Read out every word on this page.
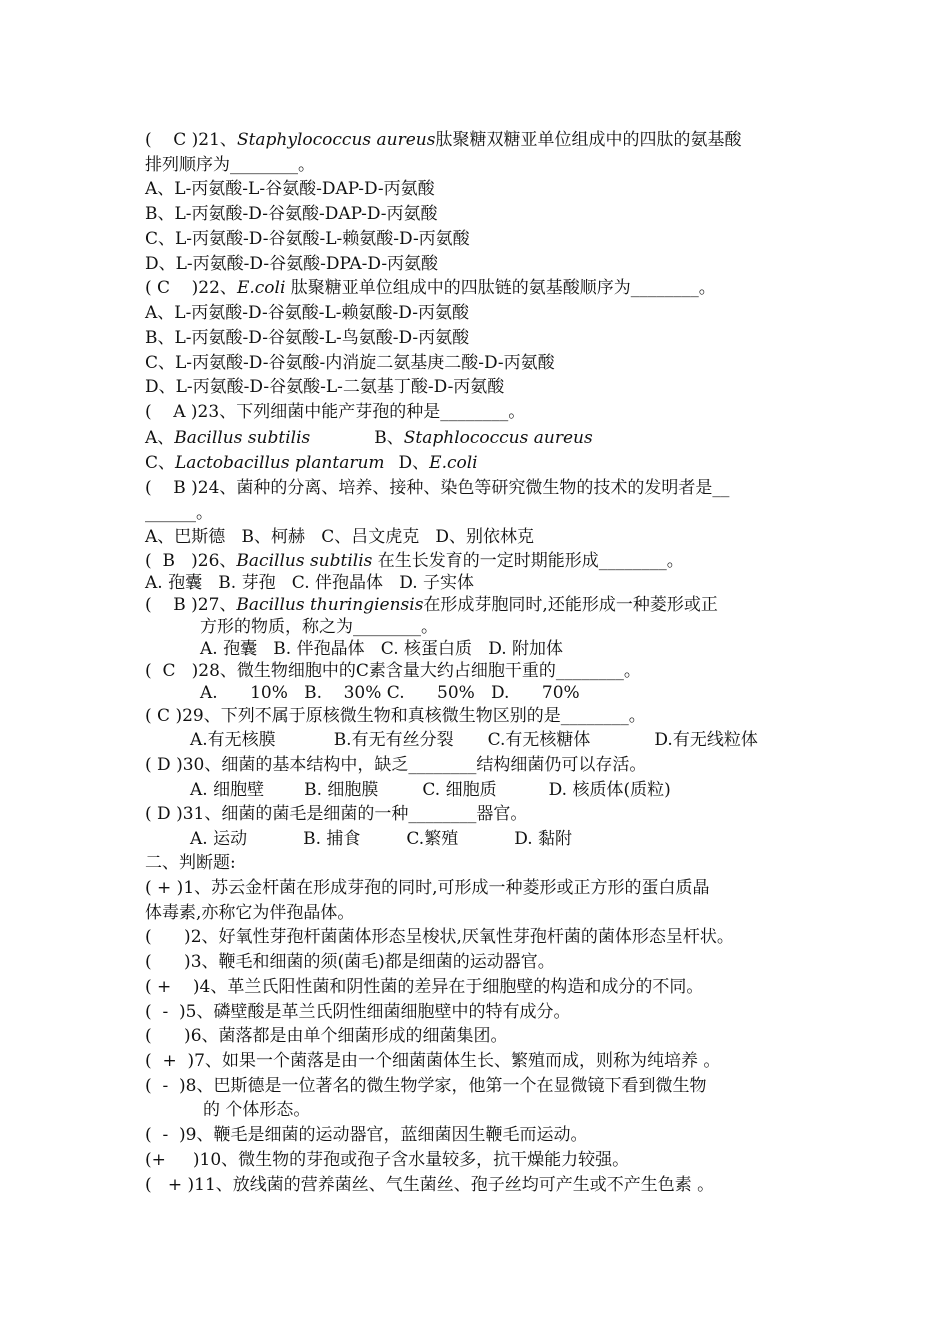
(    C )21、Staphylococcus aureus肽聚糖双糖亚单位组成中的四肽的氨基酸
排列顺序为________。
A、L-丙氨酸-L-谷氨酸-DAP-D-丙氨酸
B、L-丙氨酸-D-谷氨酸-DAP-D-丙氨酸
C、L-丙氨酸-D-谷氨酸-L-赖氨酸-D-丙氨酸
D、L-丙氨酸-D-谷氨酸-DPA-D-丙氨酸
( C    )22、E.coli 肽聚糖亚单位组成中的四肽链的氨基酸顺序为________。
A、L-丙氨酸-D-谷氨酸-L-赖氨酸-D-丙氨酸
B、L-丙氨酸-D-谷氨酸-L-鸟氨酸-D-丙氨酸
C、L-丙氨酸-D-谷氨酸-内消旋二氨基庚二酸-D-丙氨酸
D、L-丙氨酸-D-谷氨酸-L-二氨基丁酸-D-丙氨酸
(    A )23、下列细菌中能产芽孢的种是________。
A、Bacillus subtilis	B、Staphlococcus aureus
C、Lactobacillus plantarum D、E.coli
(    B )24、菌种的分离、培养、接种、染色等研究微生物的技术的发明者是__
______。
A、巴斯德   B、柯赫   C、吕文虎克   D、别依林克
(  B   )26、Bacillus subtilis 在生长发育的一定时期能形成________。
A. 孢囊   B. 芽孢   C. 伴孢晶体   D. 子实体
(    B )27、Bacillus thuringiensis在形成芽胞同时,还能形成一种菱形或正
方形的物质，称之为________。
A. 孢囊   B. 伴孢晶体   C. 核蛋白质   D. 附加体
(  C   )28、微生物细胞中的C素含量大约占细胞干重的________。
A.      10%   B.    30% C.      50%   D.      70%
( C )29、下列不属于原核微生物和真核微生物区别的是________。
A.有无核膜	B.有无有丝分裂 C.有无核糖体	D.有无线粒体
( D )30、细菌的基本结构中，缺乏________结构细菌仍可以存活。
A. 细胞壁 B. 细胞膜	C. 细胞质	D. 核质体(质粒)
( D )31、细菌的菌毛是细菌的一种________器官。
A. 运动	B. 捕食	C.繁殖	D. 黏附
二、判断题:
( + )1、苏云金杆菌在形成芽孢的同时,可形成一种菱形或正方形的蛋白质晶
体毒素,亦称它为伴孢晶体。
(      )2、好氧性芽孢杆菌菌体形态呈梭状,厌氧性芽孢杆菌的菌体形态呈杆状。
(      )3、鞭毛和细菌的须(菌毛)都是细菌的运动器官。
( +    )4、革兰氏阳性菌和阴性菌的差异在于细胞壁的构造和成分的不同。
(  -  )5、磷壁酸是革兰氏阴性细菌细胞壁中的特有成分。
(      )6、菌落都是由单个细菌形成的细菌集团。
(  +  )7、如果一个菌落是由一个细菌菌体生长、繁殖而成，则称为纯培养 。
(  -  )8、巴斯德是一位著名的微生物学家，他第一个在显微镜下看到微生物
的 个体形态。
(  -  )9、鞭毛是细菌的运动器官，蓝细菌因生鞭毛而运动。
(+     )10、微生物的芽孢或孢子含水量较多，抗干燥能力较强。
(   + )11、放线菌的营养菌丝、气生菌丝、孢子丝均可产生或不产生色素 。
